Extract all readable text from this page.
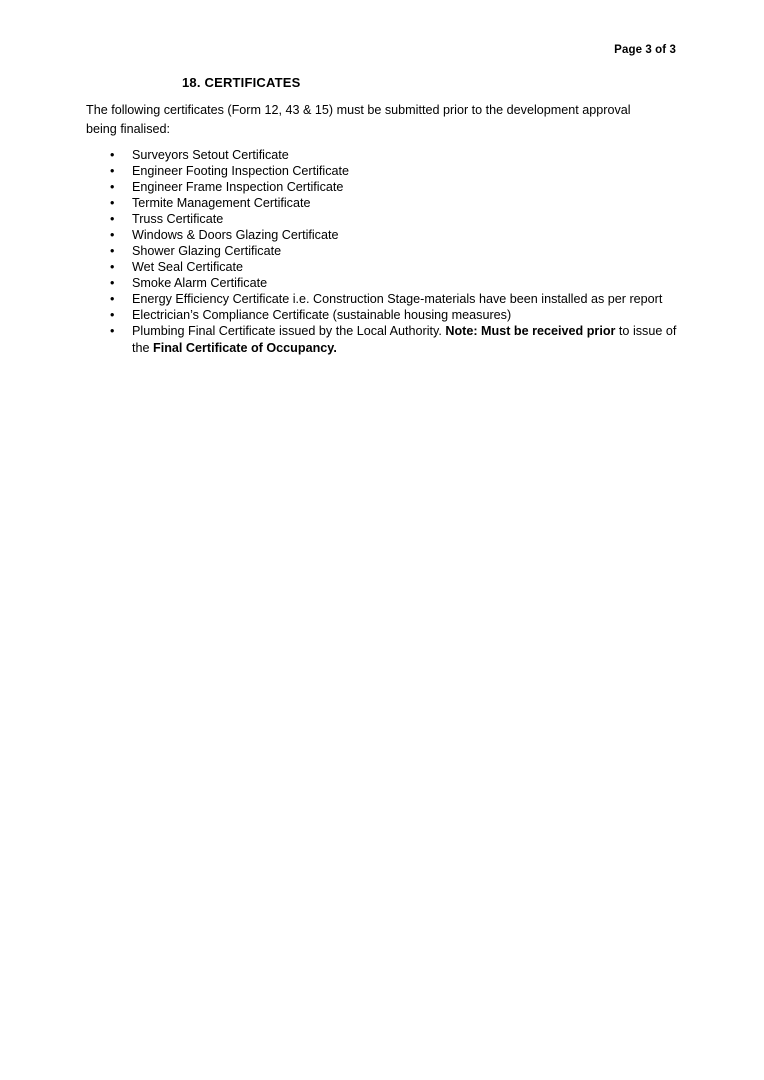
Page 3 of 3
18. CERTIFICATES
The following certificates (Form 12, 43 & 15) must be submitted prior to the development approval being finalised:
• Surveyors Setout Certificate
• Engineer Footing Inspection Certificate
• Engineer Frame Inspection Certificate
• Termite Management Certificate
• Truss Certificate
• Windows & Doors Glazing Certificate
• Shower Glazing Certificate
• Wet Seal Certificate
• Smoke Alarm Certificate
• Energy Efficiency Certificate i.e. Construction Stage-materials have been installed as per report
• Electrician’s Compliance Certificate (sustainable housing measures)
• Plumbing Final Certificate issued by the Local Authority. Note: Must be received prior to issue of the Final Certificate of Occupancy.
